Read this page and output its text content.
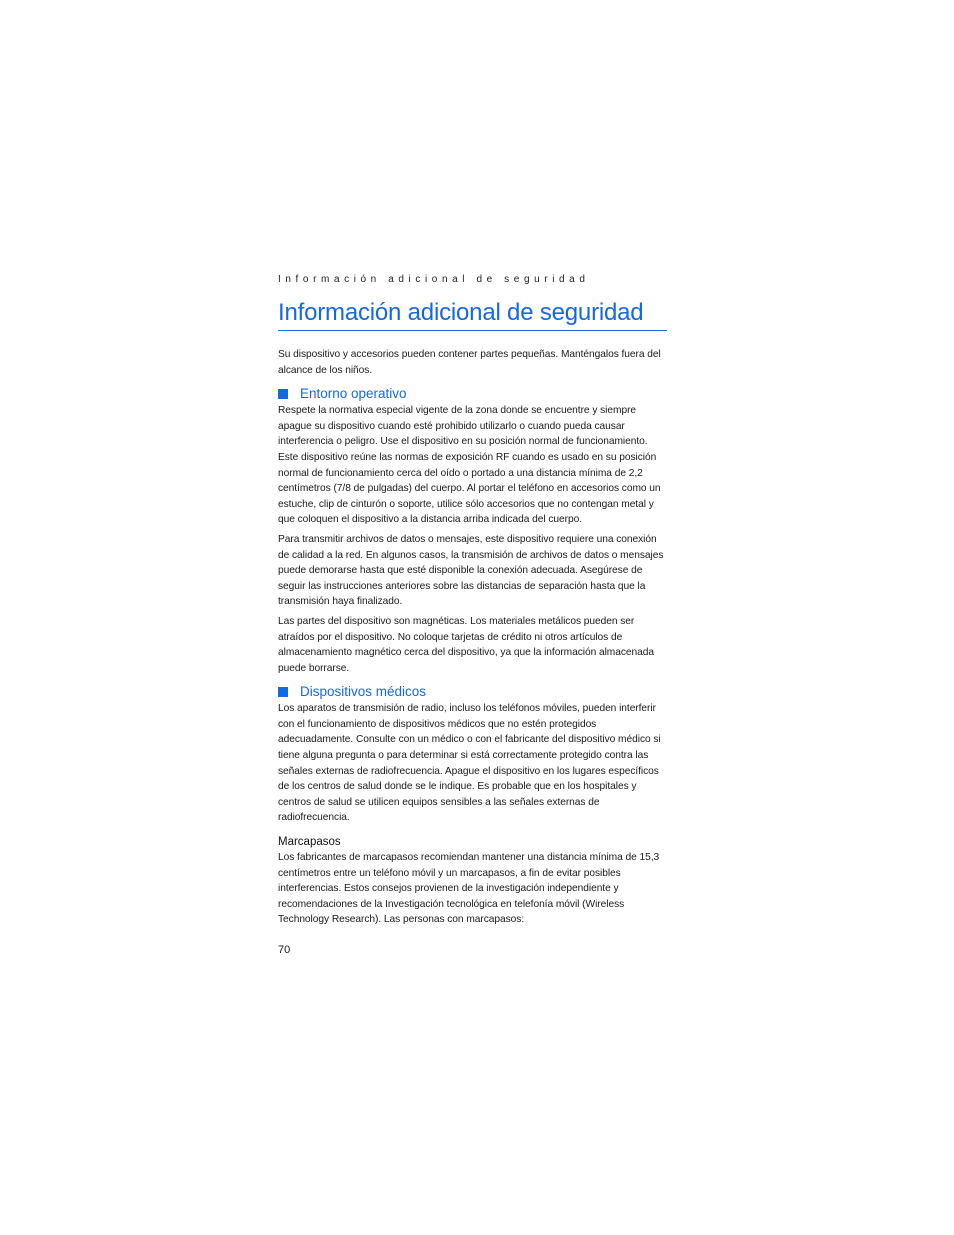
Información adicional de seguridad
Información adicional de seguridad

Su dispositivo y accesorios pueden contener partes pequeñas. Manténgalos fuera del alcance de los niños.

Entorno operativo

Respete la normativa especial vigente de la zona donde se encuentre y siempre apague su dispositivo cuando esté prohibido utilizarlo o cuando pueda causar interferencia o peligro. Use el dispositivo en su posición normal de funcionamiento. Este dispositivo reúne las normas de exposición RF cuando es usado en su posición normal de funcionamiento cerca del oído o portado a una distancia mínima de 2,2 centímetros (7/8 de pulgadas) del cuerpo. Al portar el teléfono en accesorios como un estuche, clip de cinturón o soporte, utilice sólo accesorios que no contengan metal y que coloquen el dispositivo a la distancia arriba indicada del cuerpo.

Para transmitir archivos de datos o mensajes, este dispositivo requiere una conexión de calidad a la red. En algunos casos, la transmisión de archivos de datos o mensajes puede demorarse hasta que esté disponible la conexión adecuada. Asegúrese de seguir las instrucciones anteriores sobre las distancias de separación hasta que la transmisión haya finalizado.

Las partes del dispositivo son magnéticas. Los materiales metálicos pueden ser atraídos por el dispositivo. No coloque tarjetas de crédito ni otros artículos de almacenamiento magnético cerca del dispositivo, ya que la información almacenada puede borrarse.

Dispositivos médicos

Los aparatos de transmisión de radio, incluso los teléfonos móviles, pueden interferir con el funcionamiento de dispositivos médicos que no estén protegidos adecuadamente. Consulte con un médico o con el fabricante del dispositivo médico si tiene alguna pregunta o para determinar si está correctamente protegido contra las señales externas de radiofrecuencia. Apague el dispositivo en los lugares específicos de los centros de salud donde se le indique. Es probable que en los hospitales y centros de salud se utilicen equipos sensibles a las señales externas de radiofrecuencia.

Marcapasos

Los fabricantes de marcapasos recomiendan mantener una distancia mínima de 15,3 centímetros entre un teléfono móvil y un marcapasos, a fin de evitar posibles interferencias. Estos consejos provienen de la investigación independiente y recomendaciones de la Investigación tecnológica en telefonía móvil (Wireless Technology Research). Las personas con marcapasos:

70
